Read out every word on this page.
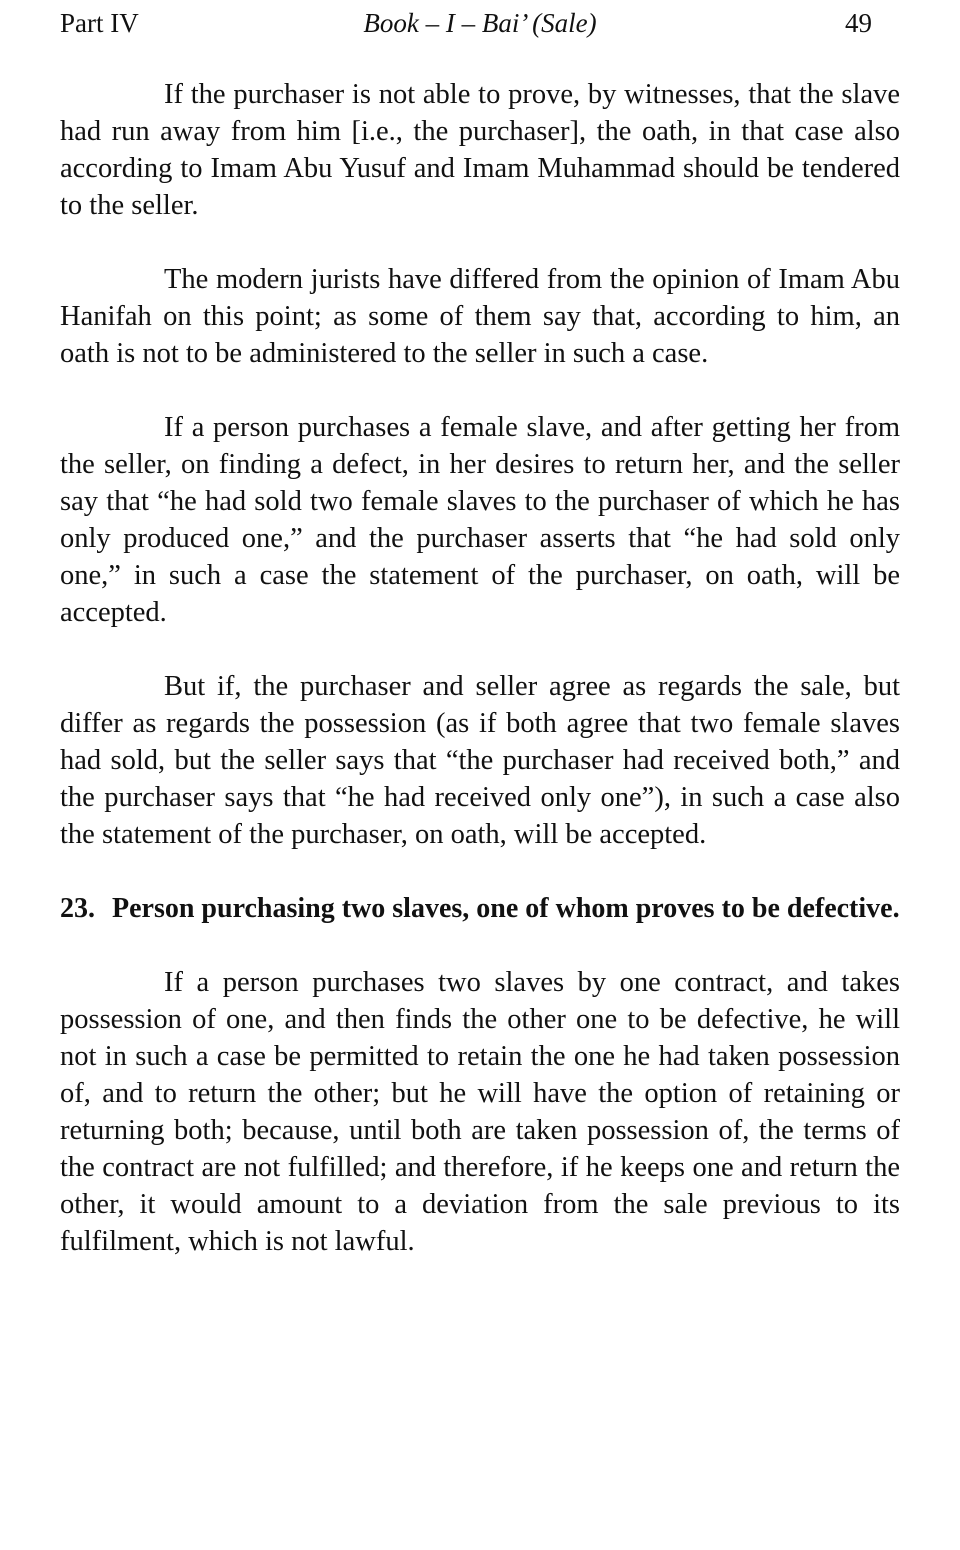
Part IV	Book – I – Bai’ (Sale)	49

If the purchaser is not able to prove, by witnesses, that the slave had run away from him [i.e., the purchaser], the oath, in that case also according to Imam Abu Yusuf and Imam Muhammad should be tendered to the seller.

The modern jurists have differed from the opinion of Imam Abu Hanifah on this point; as some of them say that, according to him, an oath is not to be administered to the seller in such a case.

If a person purchases a female slave, and after getting her from the seller, on finding a defect, in her desires to return her, and the seller say that “he had sold two female slaves to the purchaser of which he has only produced one,” and the purchaser asserts that “he had sold only one,” in such a case the statement of the purchaser, on oath, will be accepted.

But if, the purchaser and seller agree as regards the sale, but differ as regards the possession (as if both agree that two female slaves had sold, but the seller says that “the purchaser had received both,” and the purchaser says that “he had received only one”), in such a case also the statement of the purchaser, on oath, will be accepted.

23. Person purchasing two slaves, one of whom proves to be defective.

If a person purchases two slaves by one contract, and takes possession of one, and then finds the other one to be defective, he will not in such a case be permitted to retain the one he had taken possession of, and to return the other; but he will have the option of retaining or returning both; because, until both are taken possession of, the terms of the contract are not fulfilled; and therefore, if he keeps one and return the other, it would amount to a deviation from the sale previous to its fulfilment, which is not lawful.
